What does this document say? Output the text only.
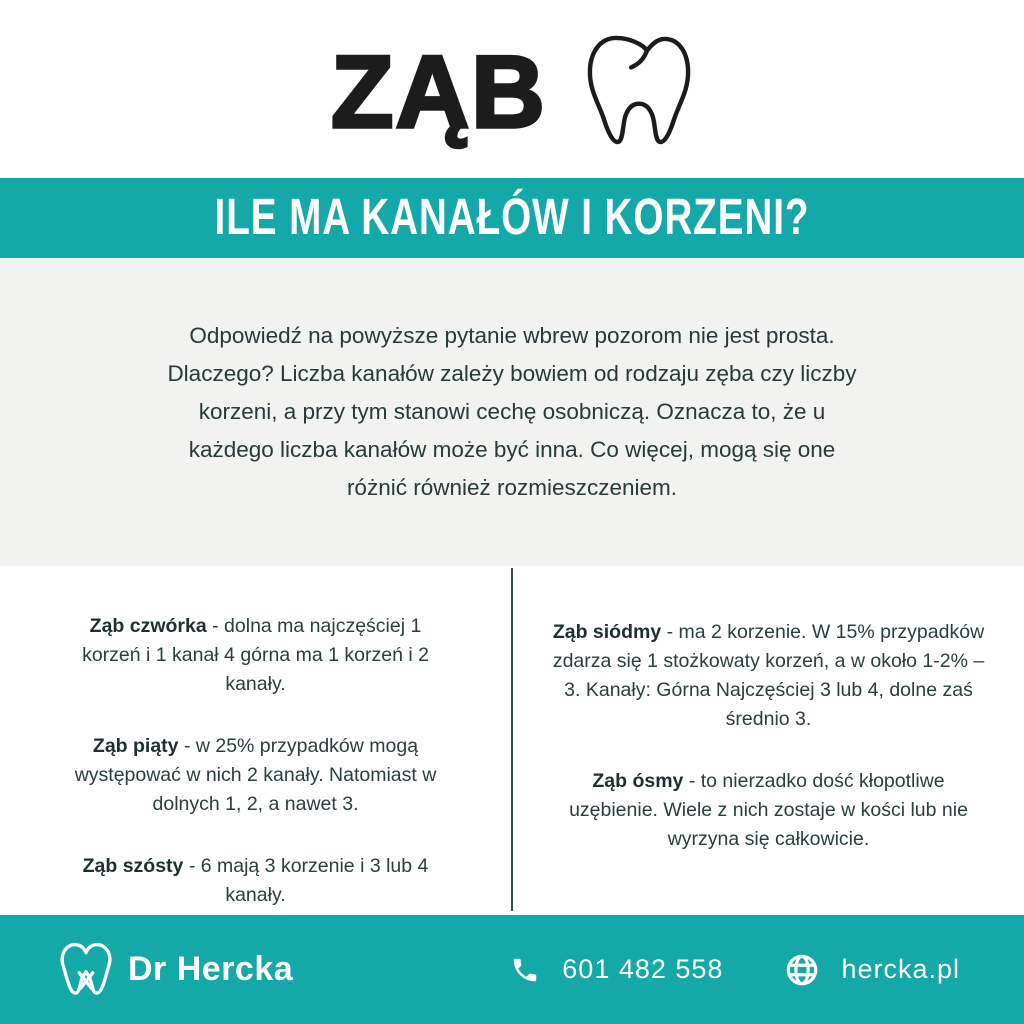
ZĄB
ILE MA KANAŁÓW I KORZENI?

Odpowiedź na powyższe pytanie wbrew pozorom nie jest prosta. Dlaczego? Liczba kanałów zależy bowiem od rodzaju zęba czy liczby korzeni, a przy tym stanowi cechę osobniczą. Oznacza to, że u każdego liczba kanałów może być inna. Co więcej, mogą się one różnić również rozmieszczeniem.

Ząb czwórka - dolna ma najczęściej 1 korzeń i 1 kanał 4 górna ma 1 korzeń i 2 kanały.

Ząb piąty - w 25% przypadków mogą występować w nich 2 kanały. Natomiast w dolnych 1, 2, a nawet 3.

Ząb szósty - 6 mają 3 korzenie i 3 lub 4 kanały.

Ząb siódmy - ma 2 korzenie. W 15% przypadków zdarza się 1 stożkowaty korzeń, a w około 1-2% – 3. Kanały: Górna Najczęściej 3 lub 4, dolne zaś średnio 3.

Ząb ósmy - to nierzadko dość kłopotliwe uzębienie. Wiele z nich zostaje w kości lub nie wyrzyna się całkowicie.

Dr Hercka	601 482 558	hercka.pl
